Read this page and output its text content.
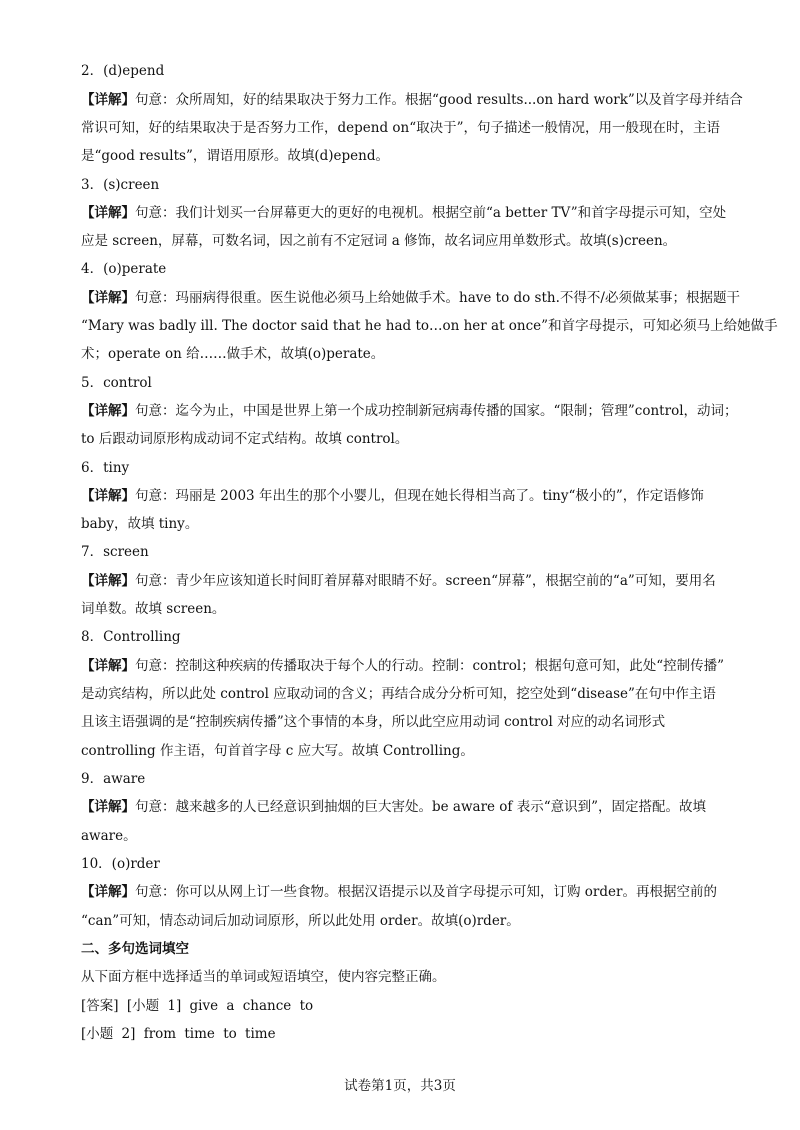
2．(d)epend
【详解】句意：众所周知，好的结果取决于努力工作。根据“good results...on hard work”以及首字母并结合
常识可知，好的结果取决于是否努力工作，depend on“取决于”，句子描述一般情况，用一般现在时，主语
是“good results”，谓语用原形。故填(d)epend。
3．(s)creen
【详解】句意：我们计划买一台屏幕更大的更好的电视机。根据空前“a better TV”和首字母提示可知，空处
应是 screen，屏幕，可数名词，因之前有不定冠词 a 修饰，故名词应用单数形式。故填(s)creen。
4．(o)perate
【详解】句意：玛丽病得很重。医生说他必须马上给她做手术。have to do sth.不得不/必须做某事；根据题干
“Mary was badly ill. The doctor said that he had to…on her at once”和首字母提示，可知必须马上给她做手
术；operate on 给……做手术，故填(o)perate。
5．control
【详解】句意：迄今为止，中国是世界上第一个成功控制新冠病毒传播的国家。“限制；管理”control，动词；
to 后跟动词原形构成动词不定式结构。故填 control。
6．tiny
【详解】句意：玛丽是 2003 年出生的那个小婴儿，但现在她长得相当高了。tiny“极小的”，作定语修饰
baby，故填 tiny。
7．screen
【详解】句意：青少年应该知道长时间盯着屏幕对眼睛不好。screen“屏幕”，根据空前的“a”可知，要用名
词单数。故填 screen。
8．Controlling
【详解】句意：控制这种疾病的传播取决于每个人的行动。控制：control；根据句意可知，此处“控制传播”
是动宾结构，所以此处 control 应取动词的含义；再结合成分分析可知，挖空处到“disease”在句中作主语
且该主语强调的是“控制疾病传播”这个事情的本身，所以此空应用动词 control 对应的动名词形式
controlling 作主语，句首首字母 c 应大写。故填 Controlling。
9．aware
【详解】句意：越来越多的人已经意识到抽烟的巨大害处。be aware of 表示“意识到”，固定搭配。故填
aware。
10．(o)rder
【详解】句意：你可以从网上订一些食物。根据汉语提示以及首字母提示可知，订购 order。再根据空前的
“can”可知，情态动词后加动词原形，所以此处用 order。故填(o)rder。
二、多句选词填空
从下面方框中选择适当的单词或短语填空，使内容完整正确。
[答案] [小题 1] give a chance to
[小题 2] from time to time
试卷第1页，共3页
